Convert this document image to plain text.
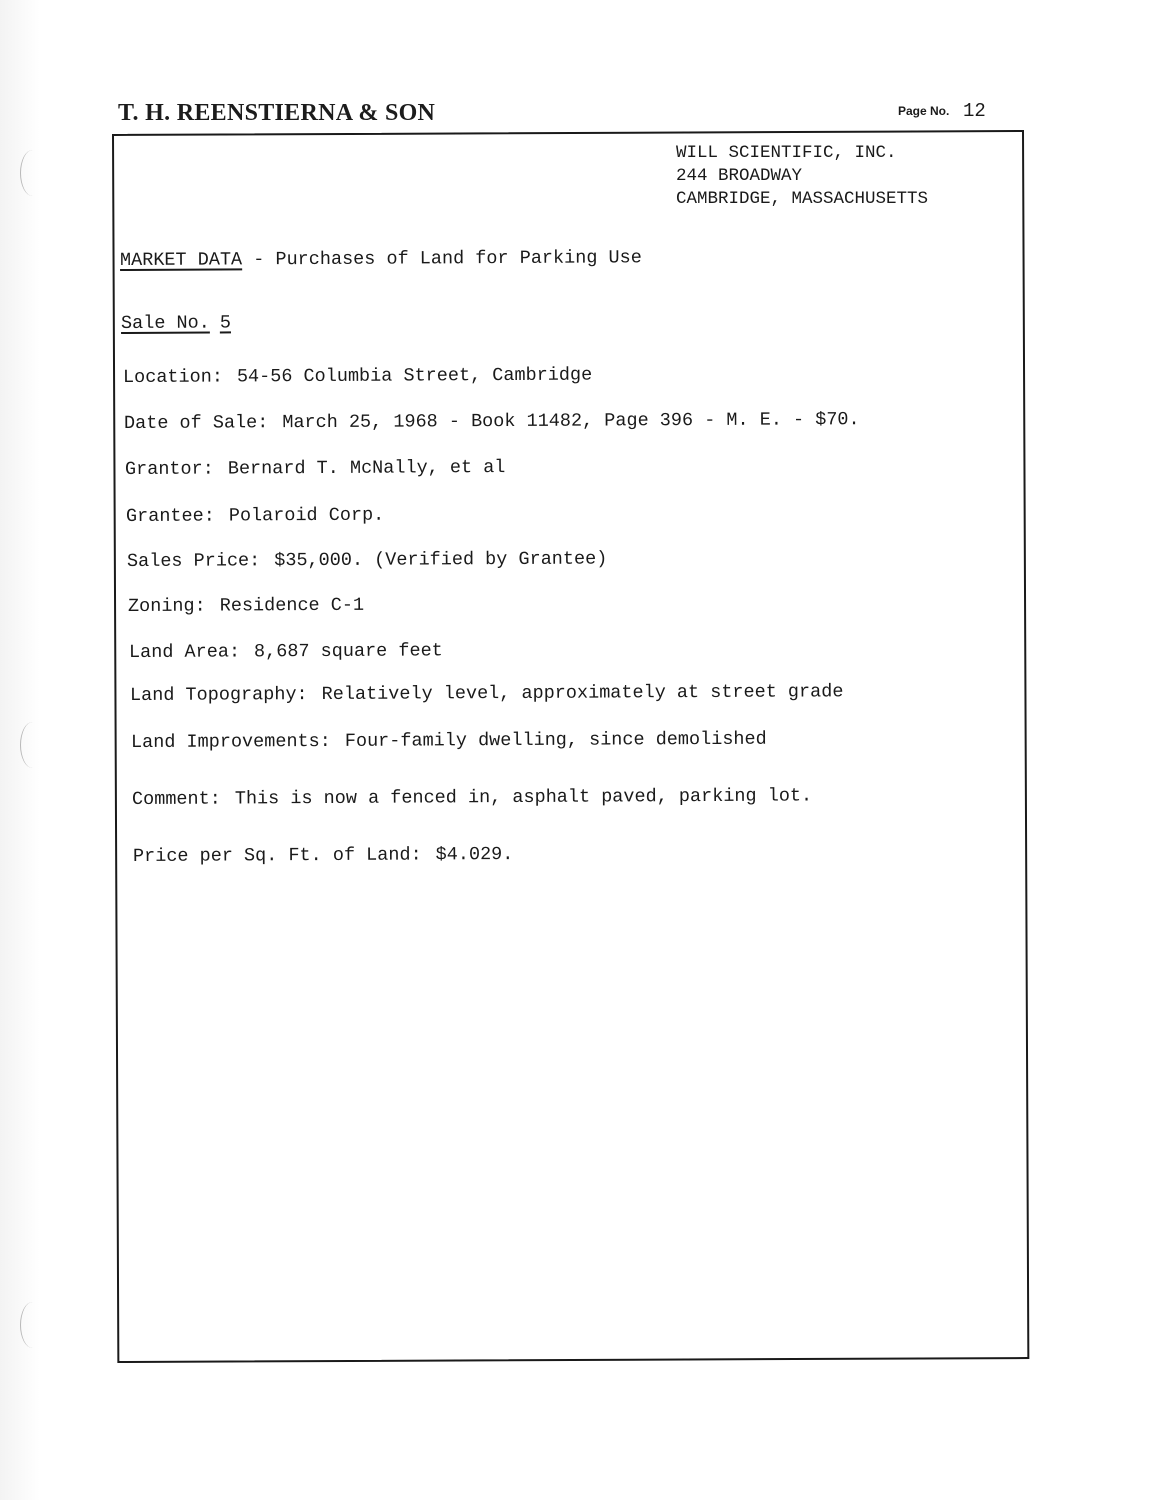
T. H. REENSTIERNA & SON	Page No. 12
WILL SCIENTIFIC, INC.
244 BROADWAY
CAMBRIDGE, MASSACHUSETTS
MARKET DATA - Purchases of Land for Parking Use
Sale No. 5
Location: 54-56 Columbia Street, Cambridge
Date of Sale: March 25, 1968 - Book 11482, Page 396 - M. E. - $70.
Grantor: Bernard T. McNally, et al
Grantee: Polaroid Corp.
Sales Price: $35,000. (Verified by Grantee)
Zoning: Residence C-1
Land Area: 8,687 square feet
Land Topography: Relatively level, approximately at street grade
Land Improvements: Four-family dwelling, since demolished
Comment: This is now a fenced in, asphalt paved, parking lot.
Price per Sq. Ft. of Land: $4.029.
